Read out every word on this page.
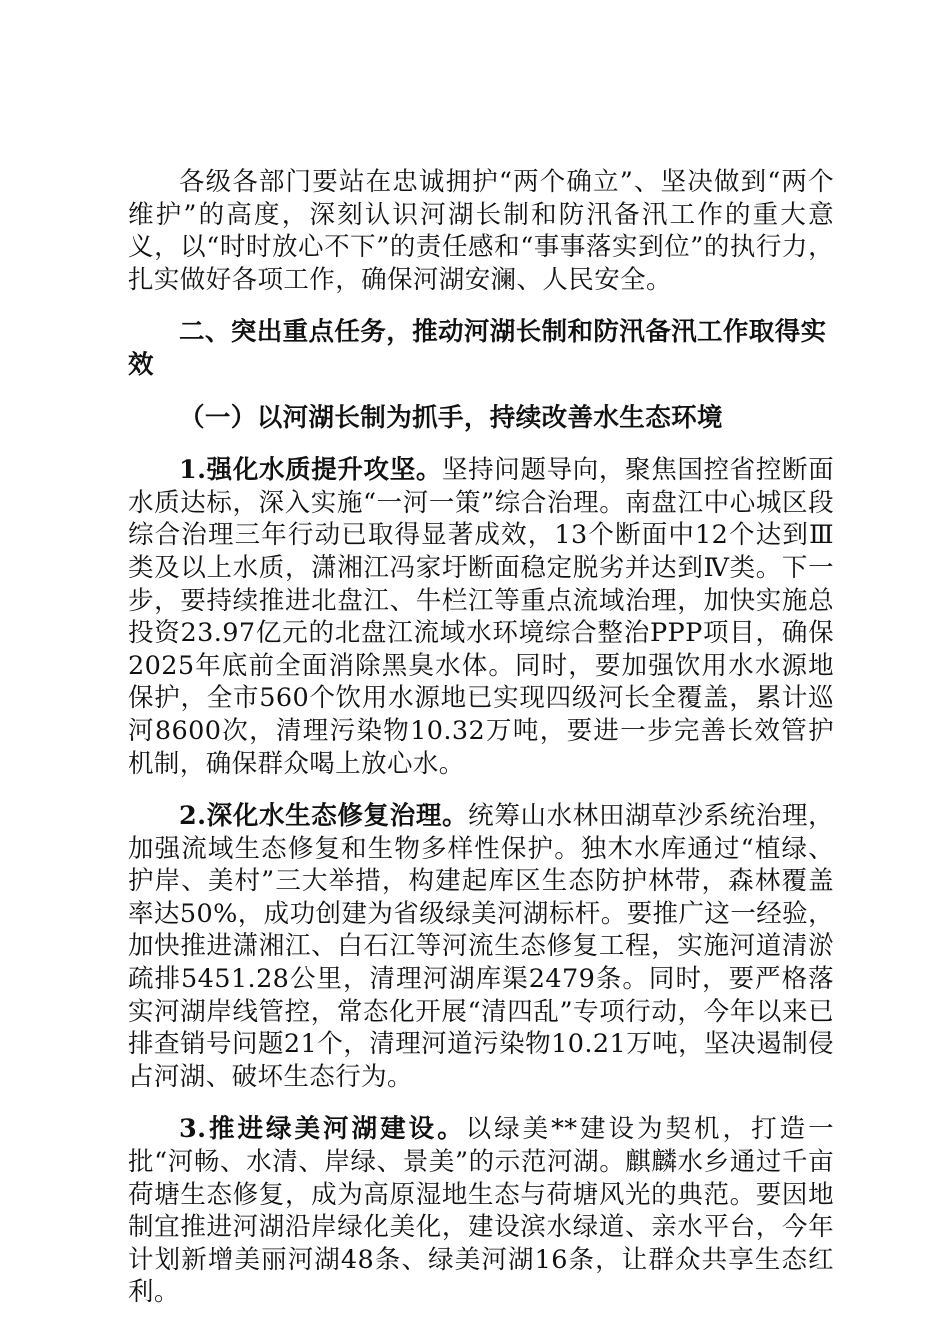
各级各部门要站在忠诚拥护“两个确立”、坚决做到“两个维护”的高度，深刻认识河湖长制和防汛备汛工作的重大意义，以“时时放心不下”的责任感和“事事落实到位”的执行力，扎实做好各项工作，确保河湖安澜、人民安全。

二、突出重点任务，推动河湖长制和防汛备汛工作取得实效

（一）以河湖长制为抓手，持续改善水生态环境

1.强化水质提升攻坚。坚持问题导向，聚焦国控省控断面水质达标，深入实施“一河一策”综合治理。南盘江中心城区段综合治理三年行动已取得显著成效，13个断面中12个达到Ⅲ类及以上水质，潇湘江冯家圩断面稳定脱劣并达到Ⅳ类。下一步，要持续推进北盘江、牛栏江等重点流域治理，加快实施总投资23.97亿元的北盘江流域水环境综合整治PPP项目，确保2025年底前全面消除黑臭水体。同时，要加强饮用水水源地保护，全市560个饮用水源地已实现四级河长全覆盖，累计巡河8600次，清理污染物10.32万吨，要进一步完善长效管护机制，确保群众喝上放心水。

2.深化水生态修复治理。统筹山水林田湖草沙系统治理，加强流域生态修复和生物多样性保护。独木水库通过“植绿、护岸、美村”三大举措，构建起库区生态防护林带，森林覆盖率达50%，成功创建为省级绿美河湖标杆。要推广这一经验，加快推进潇湘江、白石江等河流生态修复工程，实施河道清淤疏排5451.28公里，清理河湖库渠2479条。同时，要严格落实河湖岸线管控，常态化开展“清四乱”专项行动，今年以来已排查销号问题21个，清理河道污染物10.21万吨，坚决遏制侵占河湖、破坏生态行为。

3.推进绿美河湖建设。以绿美**建设为契机，打造一批“河畅、水清、岸绿、景美”的示范河湖。麒麟水乡通过千亩荷塘生态修复，成为高原湿地生态与荷塘风光的典范。要因地制宜推进河湖沿岸绿化美化，建设滨水绿道、亲水平台，今年计划新增美丽河湖48条、绿美河湖16条，让群众共享生态红利。
